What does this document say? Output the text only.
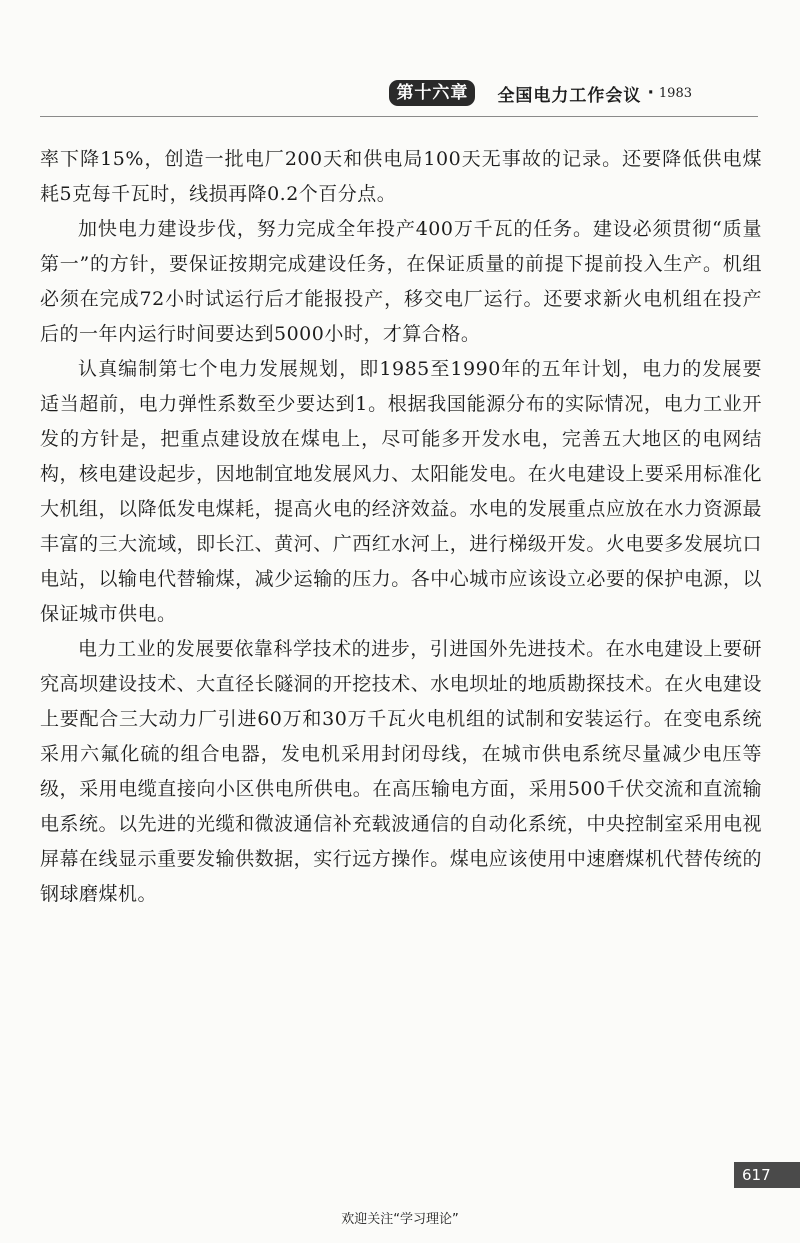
第十六章	全国电力工作会议 · 1983

率下降15%，创造一批电厂200天和供电局100天无事故的记录。还要降低供电煤耗5克每千瓦时，线损再降0.2个百分点。

加快电力建设步伐，努力完成全年投产400万千瓦的任务。建设必须贯彻“质量第一”的方针，要保证按期完成建设任务，在保证质量的前提下提前投入生产。机组必须在完成72小时试运行后才能报投产，移交电厂运行。还要求新火电机组在投产后的一年内运行时间要达到5000小时，才算合格。

认真编制第七个电力发展规划，即1985至1990年的五年计划，电力的发展要适当超前，电力弹性系数至少要达到1。根据我国能源分布的实际情况，电力工业开发的方针是，把重点建设放在煤电上，尽可能多开发水电，完善五大地区的电网结构，核电建设起步，因地制宜地发展风力、太阳能发电。在火电建设上要采用标准化大机组，以降低发电煤耗，提高火电的经济效益。水电的发展重点应放在水力资源最丰富的三大流域，即长江、黄河、广西红水河上，进行梯级开发。火电要多发展坑口电站，以输电代替输煤，减少运输的压力。各中心城市应该设立必要的保护电源，以保证城市供电。

电力工业的发展要依靠科学技术的进步，引进国外先进技术。在水电建设上要研究高坝建设技术、大直径长隧洞的开挖技术、水电坝址的地质勘探技术。在火电建设上要配合三大动力厂引进60万和30万千瓦火电机组的试制和安装运行。在变电系统采用六氟化硫的组合电器，发电机采用封闭母线，在城市供电系统尽量减少电压等级，采用电缆直接向小区供电所供电。在高压输电方面，采用500千伏交流和直流输电系统。以先进的光缆和微波通信补充载波通信的自动化系统，中央控制室采用电视屏幕在线显示重要发输供数据，实行远方操作。煤电应该使用中速磨煤机代替传统的钢球磨煤机。

617
欢迎关注“学习理论”
